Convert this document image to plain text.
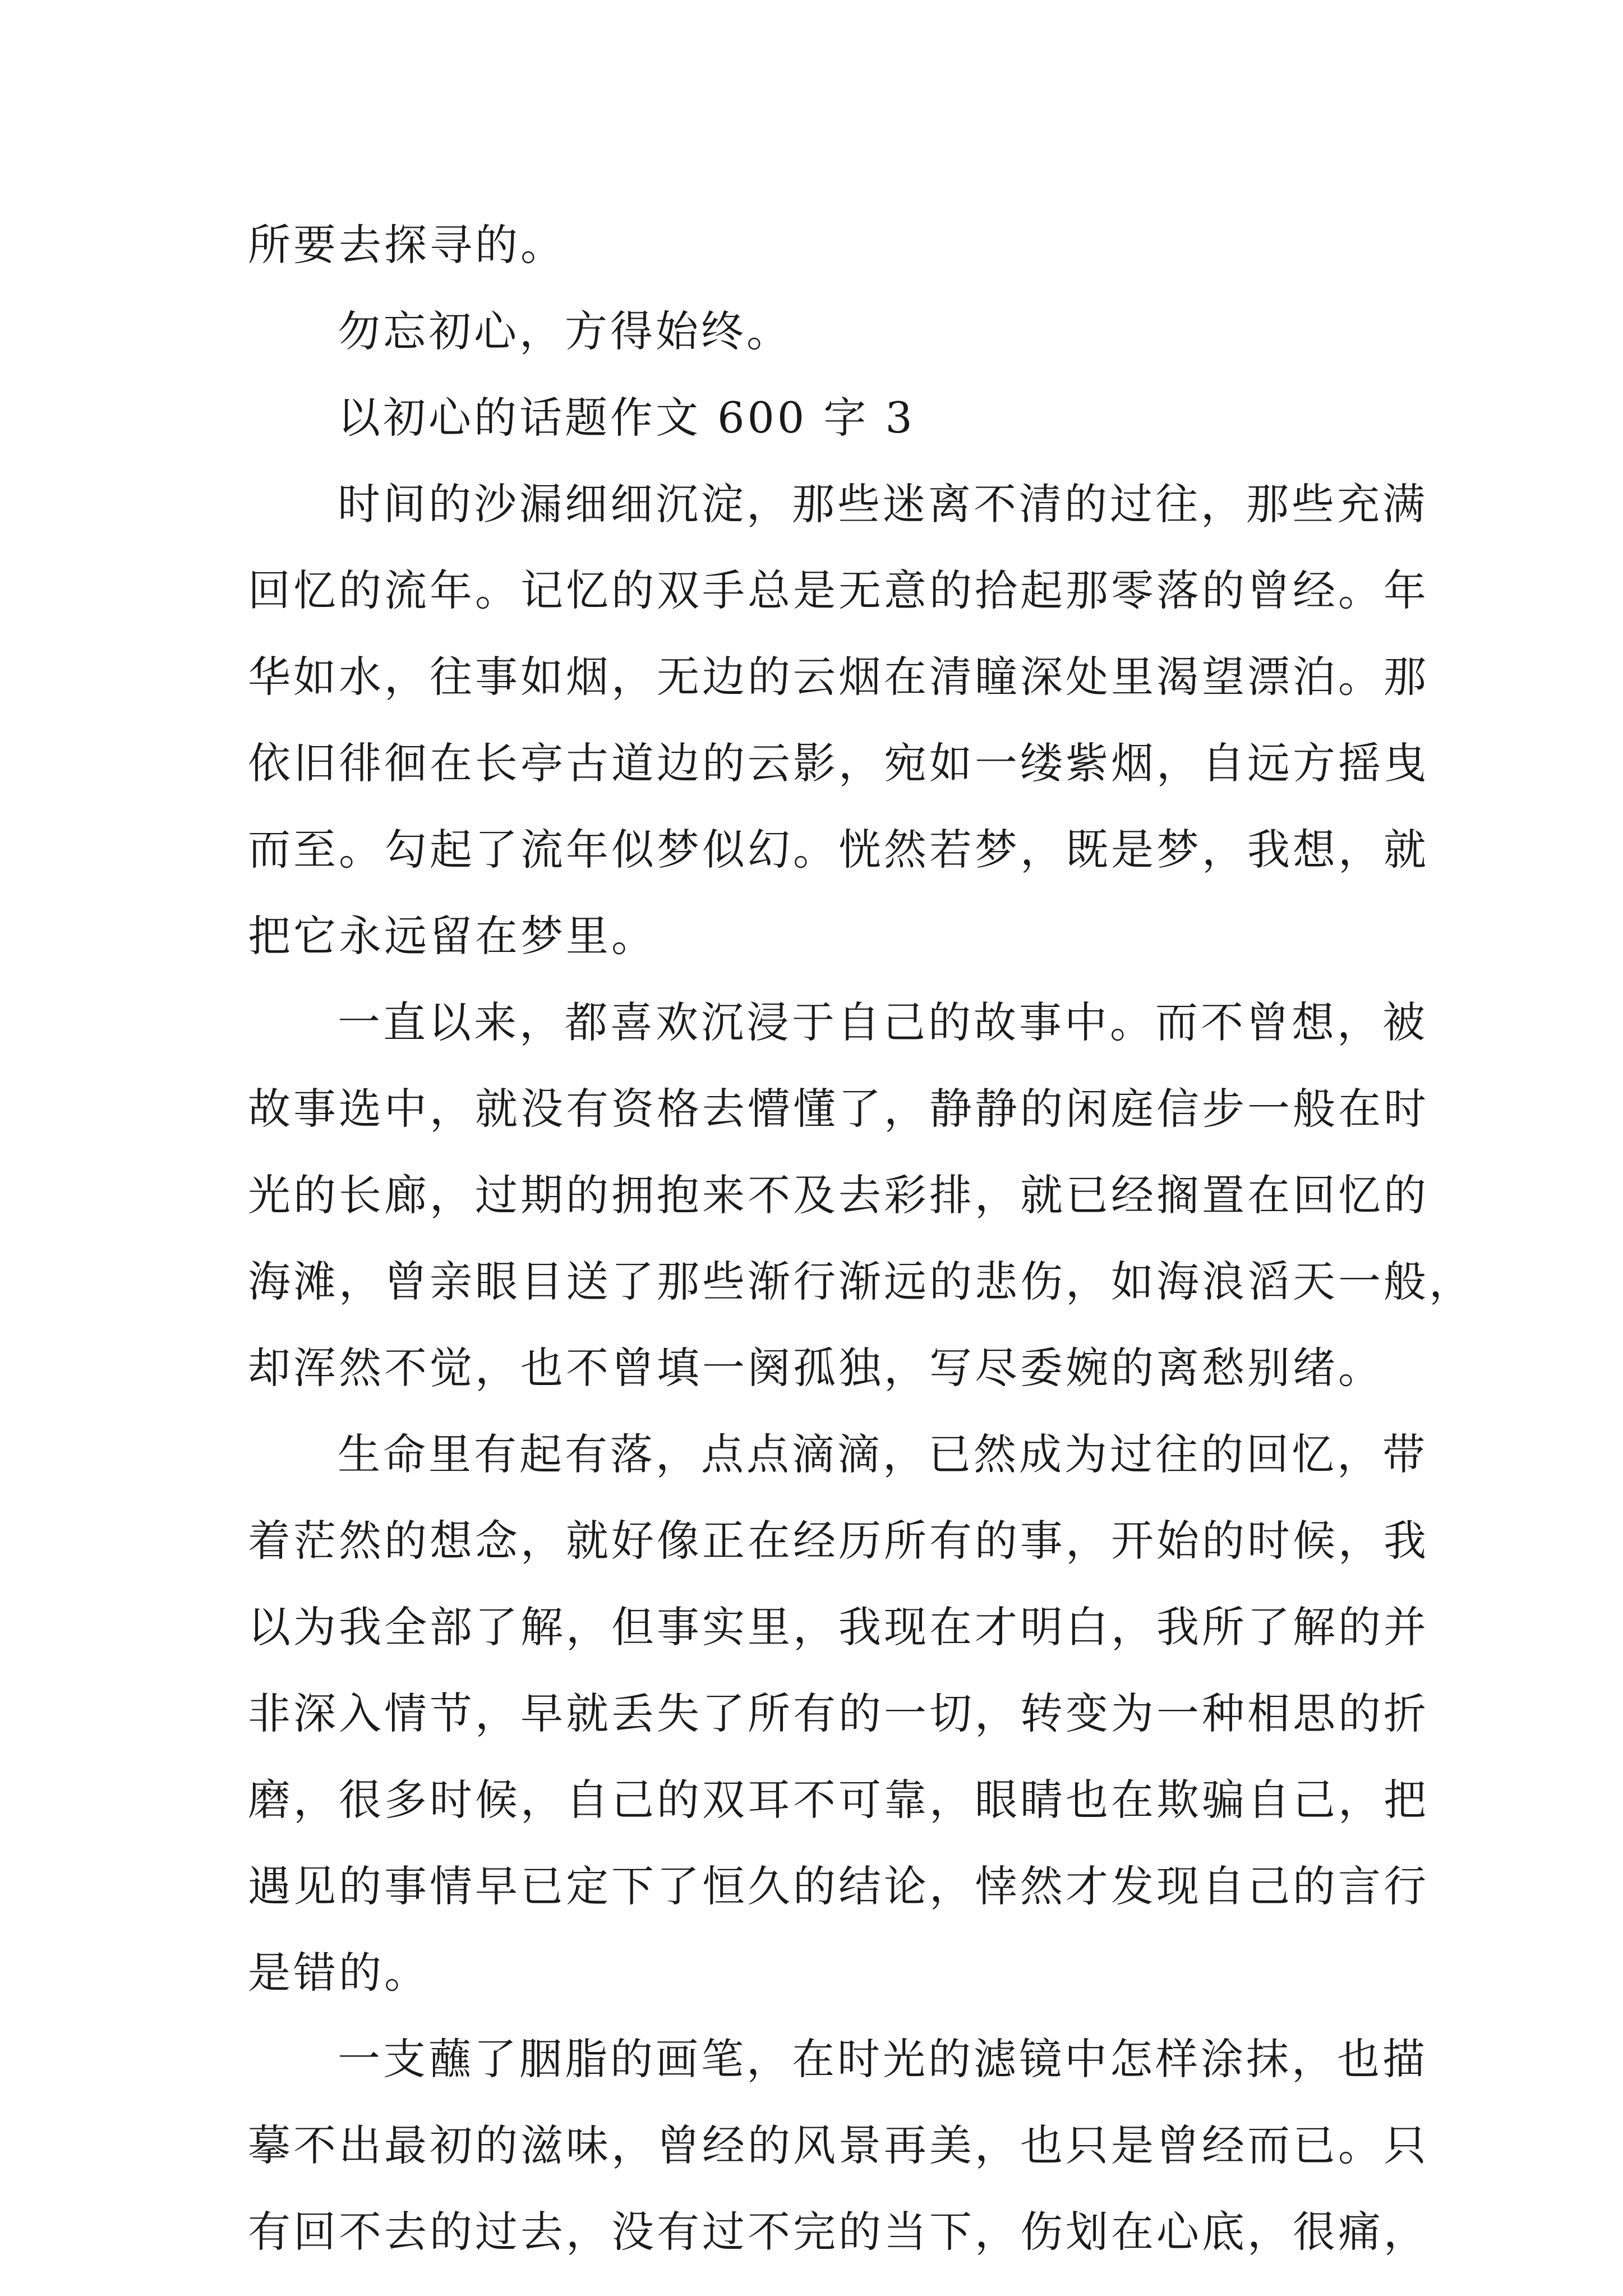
所要去探寻的。
勿忘初心，方得始终。
以初心的话题作文 600 字 3
时间的沙漏细细沉淀，那些迷离不清的过往，那些充满
回忆的流年。记忆的双手总是无意的拾起那零落的曾经。年
华如水，往事如烟，无边的云烟在清瞳深处里渴望漂泊。那
依旧徘徊在长亭古道边的云影，宛如一缕紫烟，自远方摇曳
而至。勾起了流年似梦似幻。恍然若梦，既是梦，我想，就
把它永远留在梦里。
一直以来，都喜欢沉浸于自己的故事中。而不曾想，被
故事选中，就没有资格去懵懂了，静静的闲庭信步一般在时
光的长廊，过期的拥抱来不及去彩排，就已经搁置在回忆的
海滩，曾亲眼目送了那些渐行渐远的悲伤，如海浪滔天一般，
却浑然不觉，也不曾填一阕孤独，写尽委婉的离愁别绪。
生命里有起有落，点点滴滴，已然成为过往的回忆，带
着茫然的想念，就好像正在经历所有的事，开始的时候，我
以为我全部了解，但事实里，我现在才明白，我所了解的并
非深入情节，早就丢失了所有的一切，转变为一种相思的折
磨，很多时候，自己的双耳不可靠，眼睛也在欺骗自己，把
遇见的事情早已定下了恒久的结论，悻然才发现自己的言行
是错的。
一支蘸了胭脂的画笔，在时光的滤镜中怎样涂抹，也描
摹不出最初的滋味，曾经的风景再美，也只是曾经而已。只
有回不去的过去，没有过不完的当下，伤划在心底，很痛，
